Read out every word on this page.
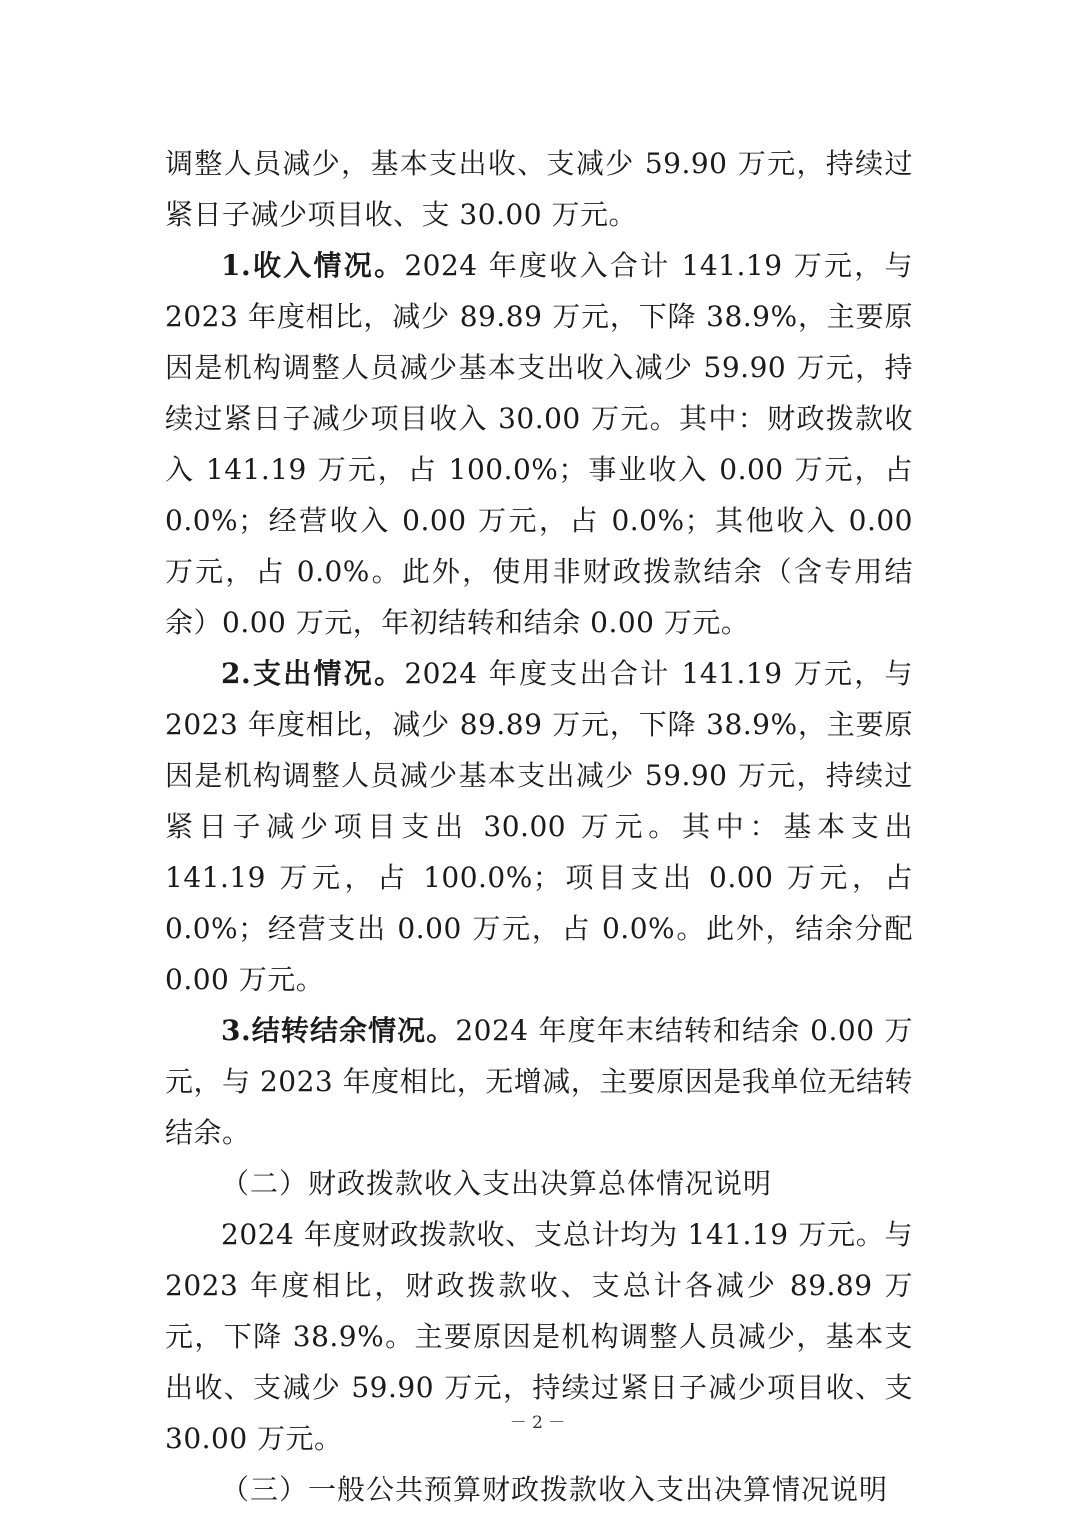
调整人员减少，基本支出收、支减少 59.90 万元，持续过紧日子减少项目收、支 30.00 万元。

1.收入情况。2024 年度收入合计 141.19 万元，与 2023 年度相比，减少 89.89 万元，下降 38.9%，主要原因是机构调整人员减少基本支出收入减少 59.90 万元，持续过紧日子减少项目收入 30.00 万元。其中：财政拨款收入 141.19 万元，占 100.0%；事业收入 0.00 万元，占 0.0%；经营收入 0.00 万元，占 0.0%；其他收入 0.00 万元，占 0.0%。此外，使用非财政拨款结余（含专用结余）0.00 万元，年初结转和结余 0.00 万元。

2.支出情况。2024 年度支出合计 141.19 万元，与 2023 年度相比，减少 89.89 万元，下降 38.9%，主要原因是机构调整人员减少基本支出减少 59.90 万元，持续过紧日子减少项目支出 30.00 万元。其中：基本支出 141.19 万元，占 100.0%；项目支出 0.00 万元，占 0.0%；经营支出 0.00 万元，占 0.0%。此外，结余分配 0.00 万元。

3.结转结余情况。2024 年度年末结转和结余 0.00 万元，与 2023 年度相比，无增减，主要原因是我单位无结转结余。

（二）财政拨款收入支出决算总体情况说明

2024 年度财政拨款收、支总计均为 141.19 万元。与 2023 年度相比，财政拨款收、支总计各减少 89.89 万元，下降 38.9%。主要原因是机构调整人员减少，基本支出收、支减少 59.90 万元，持续过紧日子减少项目收、支 30.00 万元。

（三）一般公共预算财政拨款收入支出决算情况说明

－ 2 －
